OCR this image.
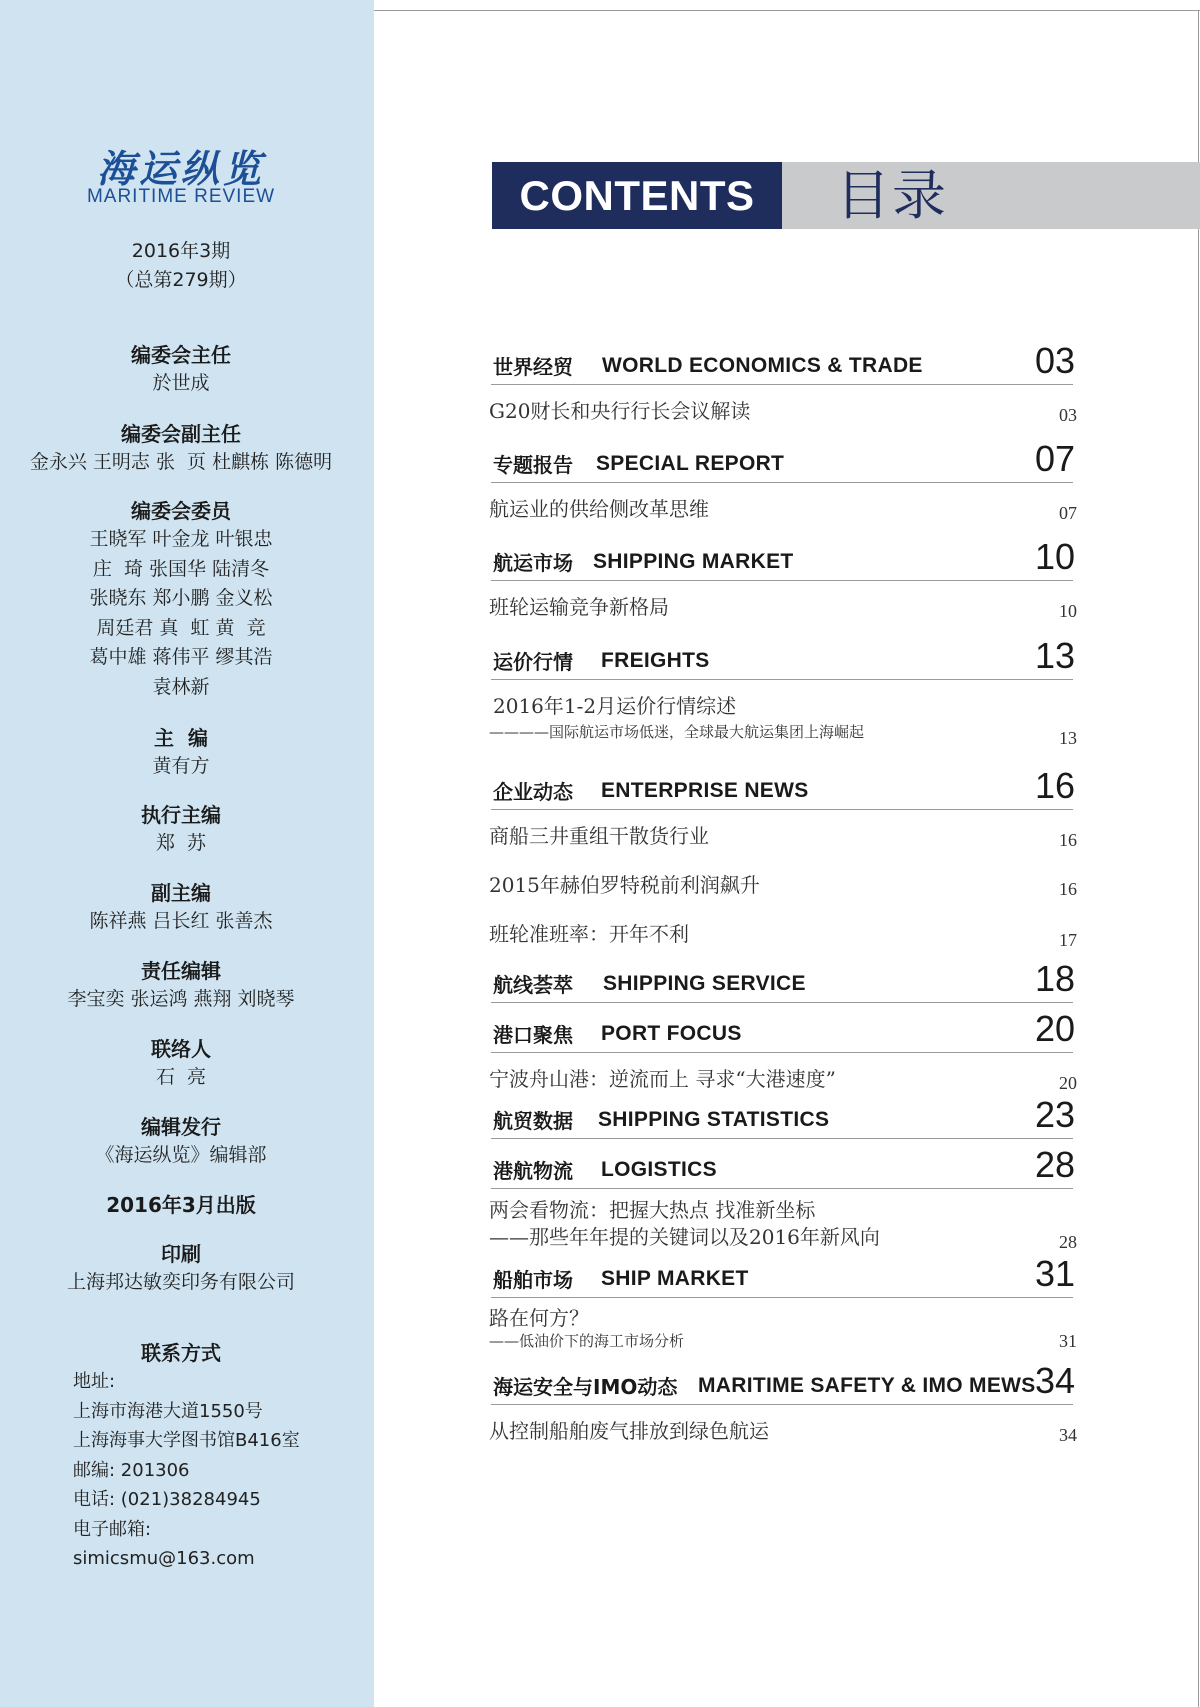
海运纵览
MARITIME REVIEW
2016年3期
（总第279期）
编委会主任
於世成
编委会副主任
金永兴 王明志 张  页 杜麒栋 陈德明
编委会委员
王晓军 叶金龙 叶银忠
庄  琦 张国华 陆清冬
张晓东 郑小鹏 金义松
周廷君 真  虹 黄  竞
葛中雄 蒋伟平 缪其浩
袁林新
主  编
黄有方
执行主编
郑  苏
副主编
陈祥燕 吕长红 张善杰
责任编辑
李宝奕 张运鸿 燕翔 刘晓琴
联络人
石  亮
编辑发行
《海运纵览》编辑部
2016年3月出版
印刷
上海邦达敏奕印务有限公司
联系方式
地址:
上海市海港大道1550号
上海海事大学图书馆B416室
邮编: 201306
电话: (021)38284945
电子邮箱:
simicsmu@163.com
CONTENTS	目录
世界经贸 WORLD ECONOMICS & TRADE	03
G20财长和央行行长会议解读	03
专题报告 SPECIAL REPORT	07
航运业的供给侧改革思维	07
航运市场 SHIPPING MARKET	10
班轮运输竞争新格局	10
运价行情 FREIGHTS	13
2016年1-2月运价行情综述
————国际航运市场低迷，全球最大航运集团上海崛起	13
企业动态 ENTERPRISE NEWS	16
商船三井重组干散货行业	16
2015年赫伯罗特税前利润飙升	16
班轮准班率：开年不利	17
航线荟萃 SHIPPING SERVICE	18
港口聚焦 PORT FOCUS	20
宁波舟山港：逆流而上 寻求“大港速度”	20
航贸数据 SHIPPING STATISTICS	23
港航物流 LOGISTICS	28
两会看物流：把握大热点 找准新坐标
——那些年年提的关键词以及2016年新风向	28
船舶市场 SHIP MARKET	31
路在何方？
——低油价下的海工市场分析	31
海运安全与IMO动态 MARITIME SAFETY & IMO MEWS 34
从控制船舶废气排放到绿色航运	34
